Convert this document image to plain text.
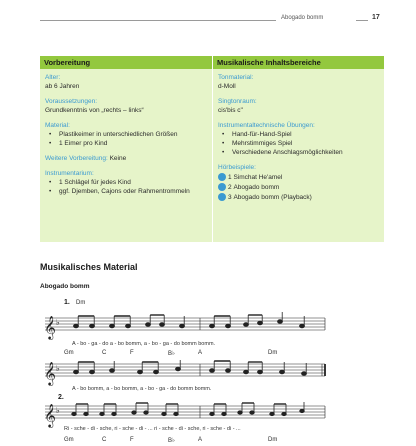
Abogado bomm	17
Vorbereitung	Musikalische Inhaltsbereiche
Alter:
ab 6 Jahren
Voraussetzungen:
Grundkenntnis von „rechts – links“
Material:
• Plastikeimer in unterschiedlichen Größen
• 1 Eimer pro Kind
Weitere Vorbereitung: Keine
Instrumentarium:
• 1 Schlägel für jedes Kind
• ggf. Djemben, Cajons oder Rahmentrommeln
Tonmaterial:
d-Moll
Singtonraum:
cis'bis c''
Instrumentaltechnische Übungen:
• Hand-für-Hand-Spiel
• Mehrstimmiges Spiel
• Verschiedene Anschlagsmöglichkeiten
Hörbeispiele:
1
Simchat He'amel
2
Abogado bomm
3
Abogado bomm (Playback)
Musikalisches Material
Abogado bomm
1. Dm
𝄞 ♭
A - bo - ga - do a - bo bomm, a - bo - ga - do bomm bomm.
Gm	C	F	B♭	A	Dm
𝄞 ♭
A - bo bomm, a - bo bomm, a - bo - ga - do bomm bomm.
2.
𝄞 ♭
Ri - sche - di - sche, ri - sche - di - ... ri - sche - di - sche, ri - sche - di - ...
Gm	C	F	B♭	A	Dm
